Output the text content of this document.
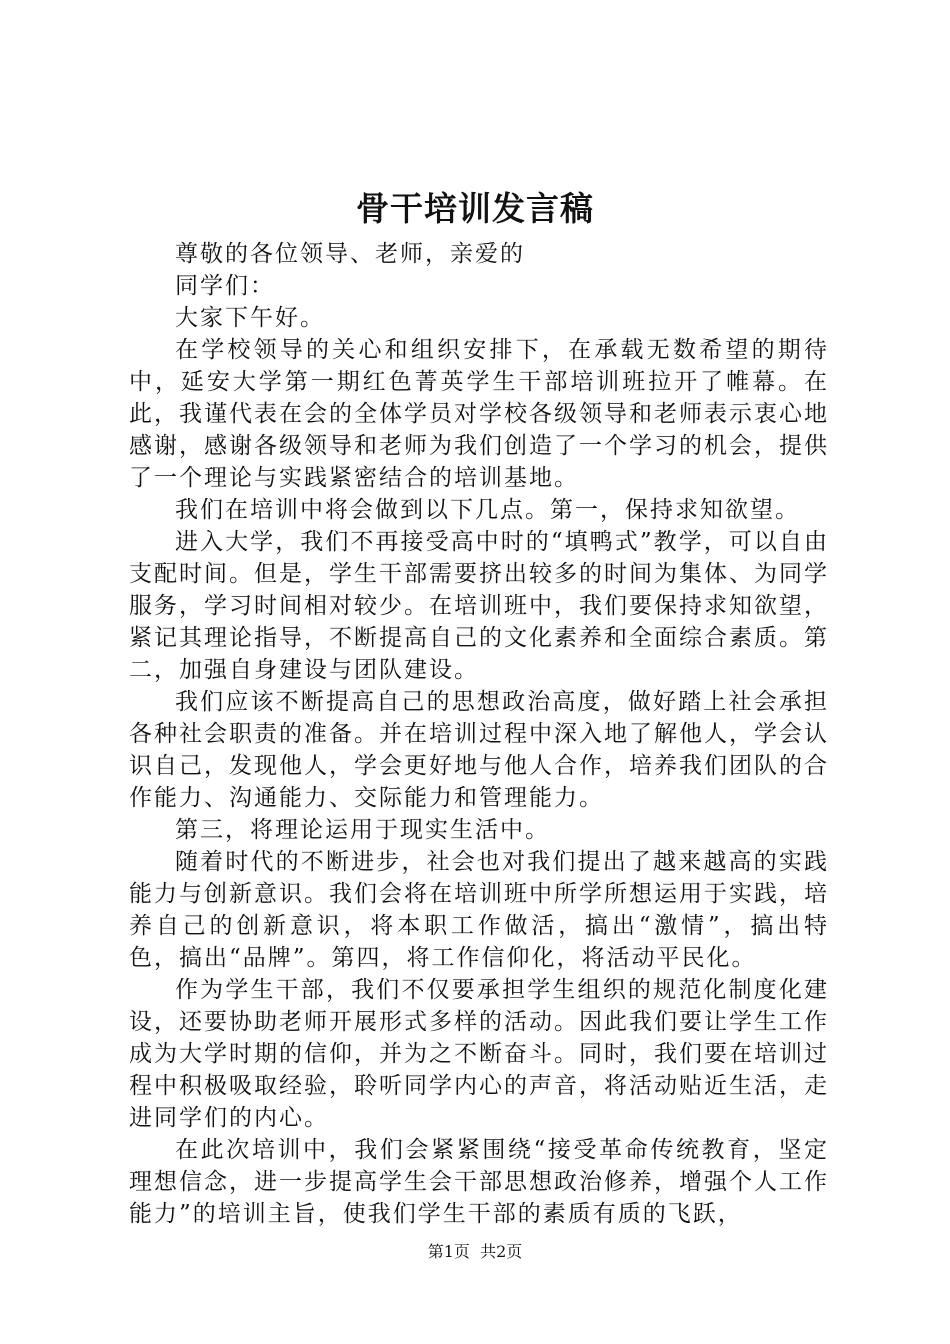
骨干培训发言稿

尊敬的各位领导、老师，亲爱的

同学们：

大家下午好。

在学校领导的关心和组织安排下，在承载无数希望的期待中，延安大学第一期红色菁英学生干部培训班拉开了帷幕。在此，我谨代表在会的全体学员对学校各级领导和老师表示衷心地感谢，感谢各级领导和老师为我们创造了一个学习的机会，提供了一个理论与实践紧密结合的培训基地。

我们在培训中将会做到以下几点。第一，保持求知欲望。

进入大学，我们不再接受高中时的“填鸭式”教学，可以自由支配时间。但是，学生干部需要挤出较多的时间为集体、为同学服务，学习时间相对较少。在培训班中，我们要保持求知欲望，紧记其理论指导，不断提高自己的文化素养和全面综合素质。第二，加强自身建设与团队建设。

我们应该不断提高自己的思想政治高度，做好踏上社会承担各种社会职责的准备。并在培训过程中深入地了解他人，学会认识自己，发现他人，学会更好地与他人合作，培养我们团队的合作能力、沟通能力、交际能力和管理能力。

第三，将理论运用于现实生活中。

随着时代的不断进步，社会也对我们提出了越来越高的实践能力与创新意识。我们会将在培训班中所学所想运用于实践，培养自己的创新意识，将本职工作做活，搞出“激情”，搞出特色，搞出“品牌”。第四，将工作信仰化，将活动平民化。

作为学生干部，我们不仅要承担学生组织的规范化制度化建设，还要协助老师开展形式多样的活动。因此我们要让学生工作成为大学时期的信仰，并为之不断奋斗。同时，我们要在培训过程中积极吸取经验，聆听同学内心的声音，将活动贴近生活，走进同学们的内心。

在此次培训中，我们会紧紧围绕“接受革命传统教育，坚定理想信念，进一步提高学生会干部思想政治修养，增强个人工作能力”的培训主旨，使我们学生干部的素质有质的飞跃，

第1页  共2页
